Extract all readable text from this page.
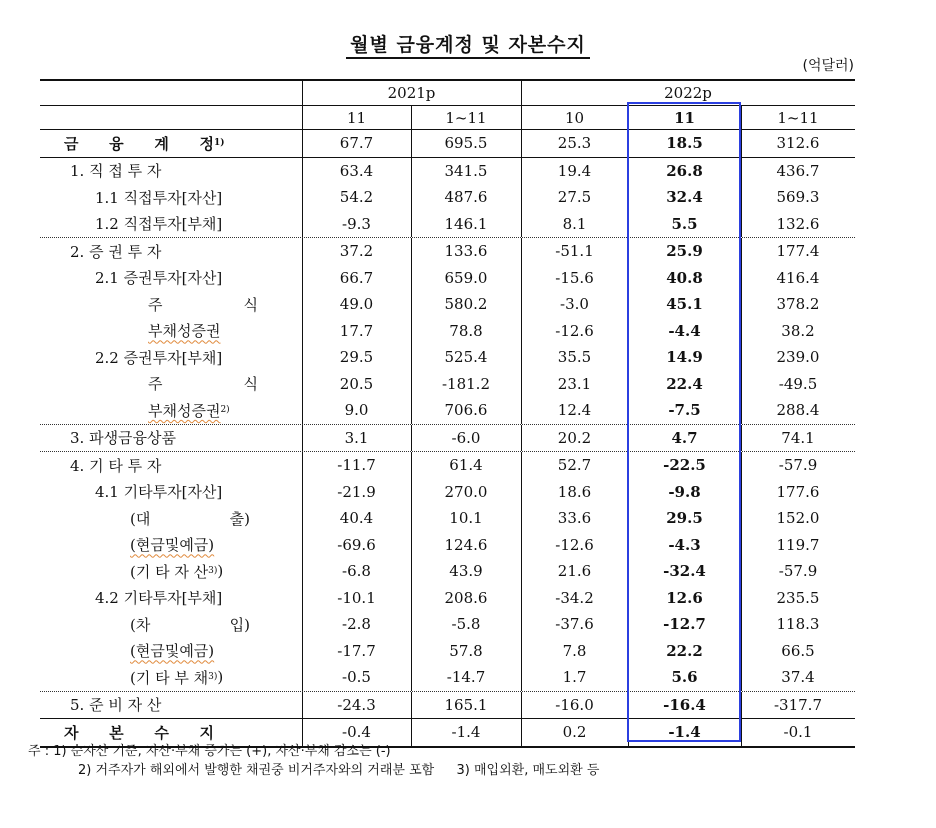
월별 금융계정 및 자본수지
(억달러)
2021p	2022p
11	1~11	10	11	1~11
금 융 계 정 1)	67.7	695.5	25.3	18.5	312.6
1. 직 접 투 자	63.4	341.5	19.4	26.8	436.7
1.1 직접투자[자산]	54.2	487.6	27.5	32.4	569.3
1.2 직접투자[부채]	-9.3	146.1	8.1	5.5	132.6
2. 증 권 투 자	37.2	133.6	-51.1	25.9	177.4
2.1 증권투자[자산]	66.7	659.0	-15.6	40.8	416.4
주 식	49.0	580.2	-3.0	45.1	378.2
부채성증권	17.7	78.8	-12.6	-4.4	38.2
2.2 증권투자[부채]	29.5	525.4	35.5	14.9	239.0
주 식	20.5	-181.2	23.1	22.4	-49.5
부채성증권 2)	9.0	706.6	12.4	-7.5	288.4
3. 파생금융상품	3.1	-6.0	20.2	4.7	74.1
4. 기 타 투 자	-11.7	61.4	52.7	-22.5	-57.9
4.1 기타투자[자산]	-21.9	270.0	18.6	-9.8	177.6
(대 출)	40.4	10.1	33.6	29.5	152.0
(현금및예금)	-69.6	124.6	-12.6	-4.3	119.7
(기 타 자 산 3) )	-6.8	43.9	21.6	-32.4	-57.9
4.2 기타투자[부채]	-10.1	208.6	-34.2	12.6	235.5
(차 입)	-2.8	-5.8	-37.6	-12.7	118.3
(현금및예금)	-17.7	57.8	7.8	22.2	66.5
(기 타 부 채 3) )	-0.5	-14.7	1.7	5.6	37.4
5. 준 비 자 산	-24.3	165.1	-16.0	-16.4	-317.7
자 본 수 지	-0.4	-1.4	0.2	-1.4	-0.1
주 : 1) 순자산 기준, 자산·부채 증가는 (+), 자산·부채 감소는 (-)
2) 거주자가 해외에서 발행한 채권중 비거주자와의 거래분 포함 3) 매입외환, 매도외환 등
